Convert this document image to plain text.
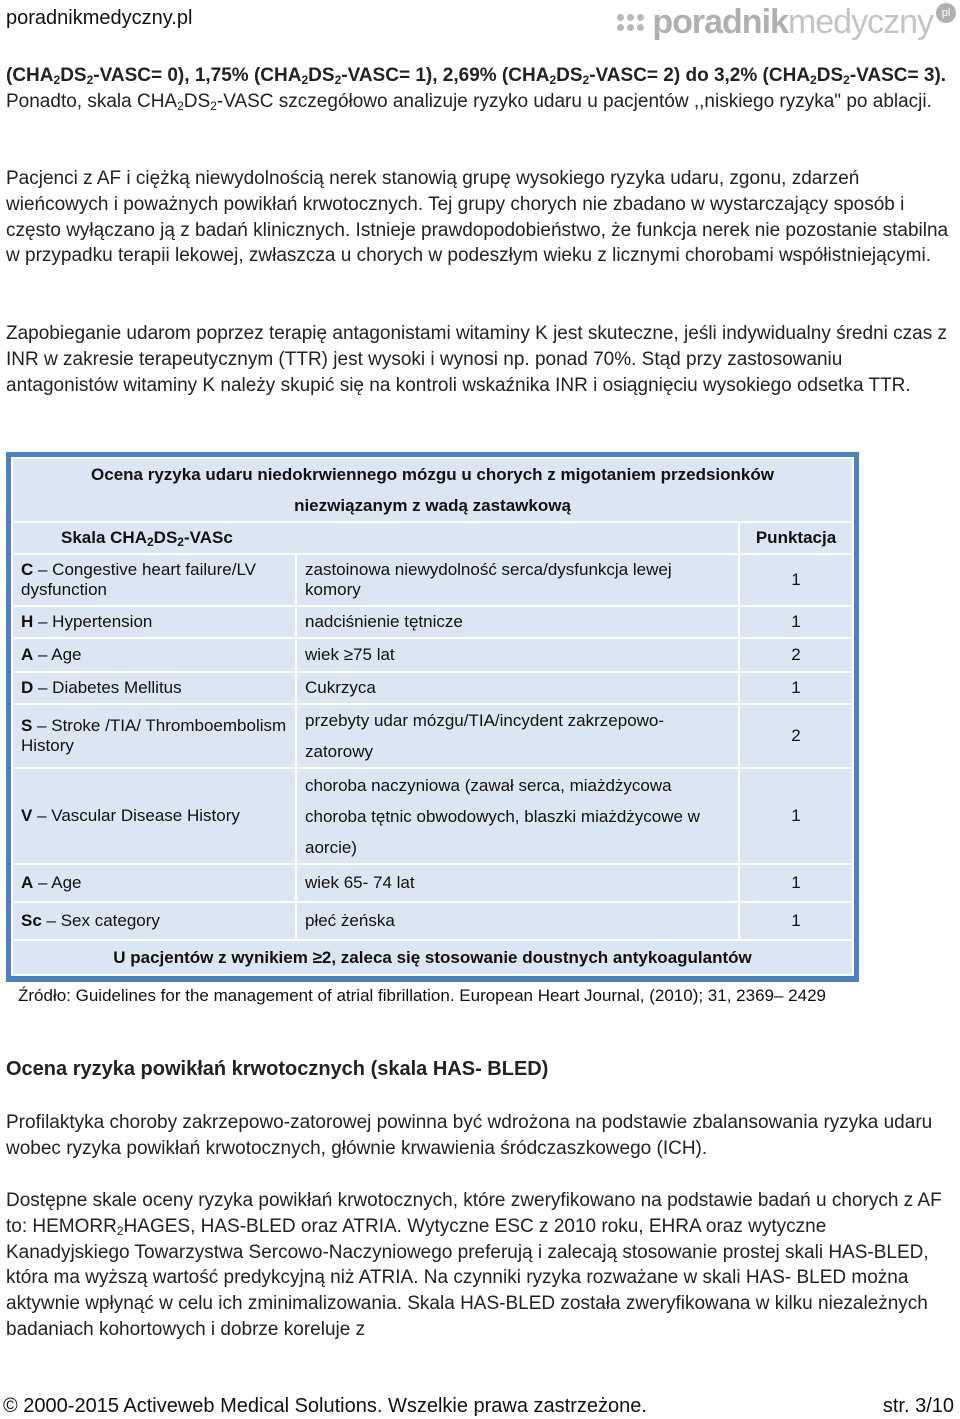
poradnikmedyczny.pl	poradnikmedyczny pl

$(CHA_2DS_2-VASC= 0)$, 1,75% $(CHA_2DS_2-VASC= 1)$, 2,69% $(CHA_2DS_2-VASC= 2)$ do 3,2% $(CHA_2DS_2-VASC= 3)$. Ponadto, skala $CHA_2DS_2$-VASC szczegółowo analizuje ryzyko udaru u pacjentów ,,niskiego ryzyka" po ablacji.

Pacjenci z AF i ciężką niewydolnością nerek stanowią grupę wysokiego ryzyka udaru, zgonu, zdarzeń wieńcowych i poważnych powikłań krwotocznych. Tej grupy chorych nie zbadano w wystarczający sposób i często wyłączano ją z badań klinicznych. Istnieje prawdopodobieństwo, że funkcja nerek nie pozostanie stabilna w przypadku terapii lekowej, zwłaszcza u chorych w podeszłym wieku z licznymi chorobami współistniejącymi.

Zapobieganie udarom poprzez terapię antagonistami witaminy K jest skuteczne, jeśli indywidualny średni czas z INR w zakresie terapeutycznym (TTR) jest wysoki i wynosi np. ponad 70%. Stąd przy zastosowaniu antagonistów witaminy K należy skupić się na kontroli wskaźnika INR i osiągnięciu wysokiego odsetka TTR.

Ocena ryzyka udaru niedokrwiennego mózgu u chorych z migotaniem przedsionków
niezwiązanym z wadą zastawkową		
Skala $CHA_2DS_2$-VASc		Punktacja
C – Congestive heart failure/LV dysfunction	zastoinowa niewydolność serca/dysfunkcja lewej komory	1
H – Hypertension	nadciśnienie tętnicze	1
A – Age	wiek ≥75 lat	2
D – Diabetes Mellitus	Cukrzyca	1
S – Stroke /TIA/ Thromboembolism History	przebyty udar mózgu/TIA/incydent zakrzepowo-zatorowy	2
V – Vascular Disease History	choroba naczyniowa (zawał serca, miażdżycowa choroba tętnic obwodowych, blaszki miażdżycowe w aorcie)	1
A – Age	wiek 65- 74 lat	1
Sc – Sex category	płeć żeńska	1
U pacjentów z wynikiem ≥2, zaleca się stosowanie doustnych antykoagulantów		
Źródło: Guidelines for the management of atrial fibrillation. European Heart Journal, (2010); 31, 2369– 2429
Ocena ryzyka powikłań krwotocznych (skala HAS- BLED)

Profilaktyka choroby zakrzepowo-zatorowej powinna być wdrożona na podstawie zbalansowania ryzyka udaru wobec ryzyka powikłań krwotocznych, głównie krwawienia śródczaszkowego (ICH).

Dostępne skale oceny ryzyka powikłań krwotocznych, które zweryfikowano na podstawie badań u chorych z AF to: $HEMORR_2HAGES$, HAS-BLED oraz ATRIA. Wytyczne ESC z 2010 roku, EHRA oraz wytyczne Kanadyjskiego Towarzystwa Sercowo-Naczyniowego preferują i zalecają stosowanie prostej skali HAS-BLED, która ma wyższą wartość predykcyjną niż ATRIA. Na czynniki ryzyka rozważane w skali HAS- BLED można aktywnie wpłynąć w celu ich zminimalizowania. Skala HAS-BLED została zweryfikowana w kilku niezależnych badaniach kohortowych i dobrze koreluje z

© 2000-2015 Activeweb Medical Solutions. Wszelkie prawa zastrzeżone.	str. 3/10
